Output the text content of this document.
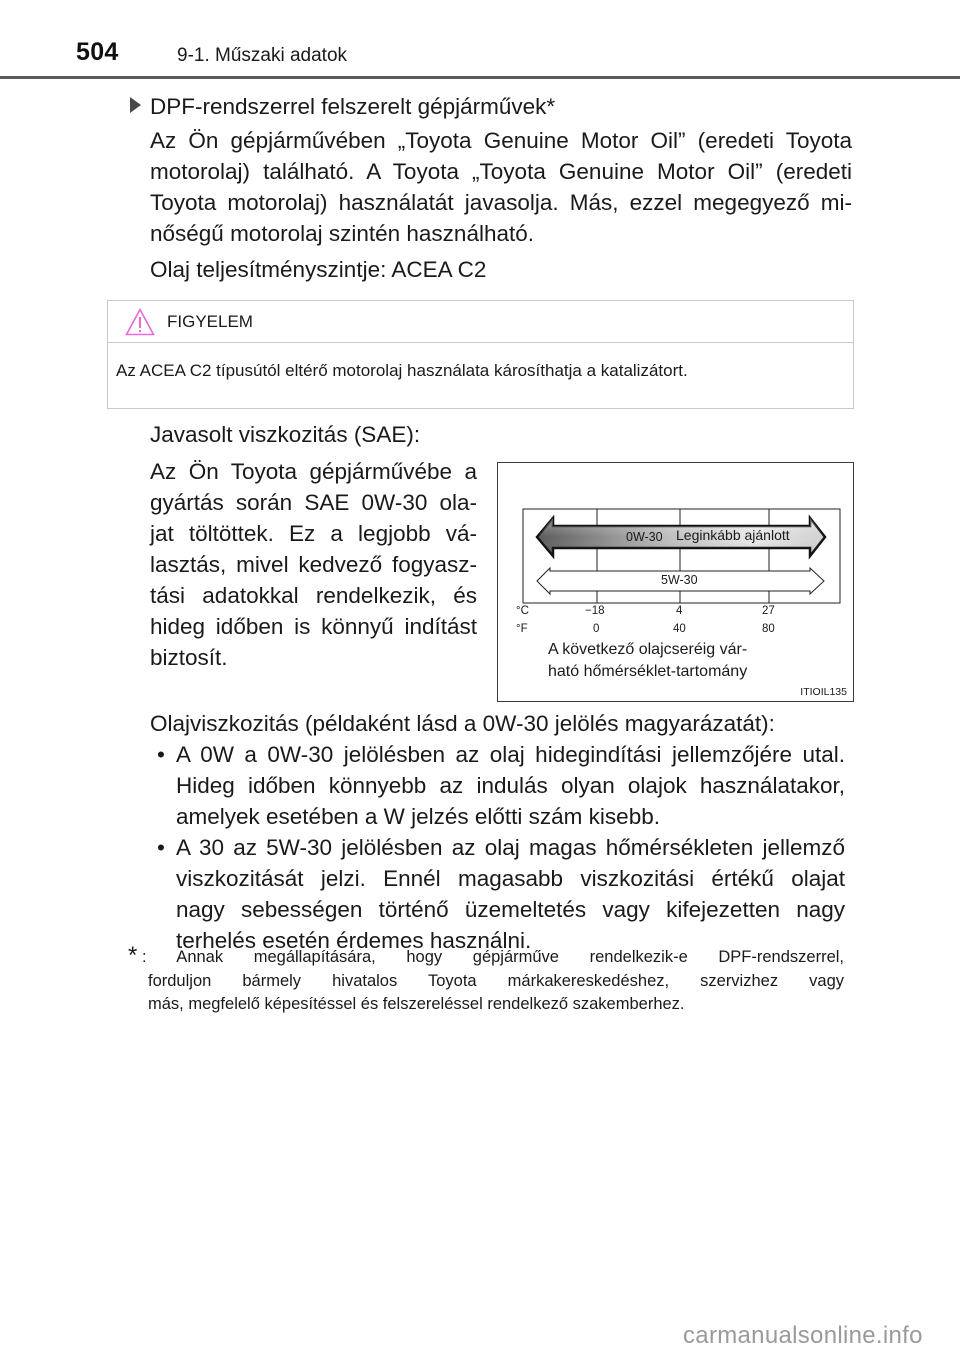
504	9-1. Műszaki adatok
DPF-rendszerrel felszerelt gépjárművek*
Az Ön gépjárművében „Toyota Genuine Motor Oil” (eredeti Toyota
motorolaj) található. A Toyota „Toyota Genuine Motor Oil” (eredeti
Toyota motorolaj) használatát javasolja. Más, ezzel megegyező mi-
nőségű motorolaj szintén használható.
Olaj teljesítményszintje: ACEA C2
FIGYELEM
Az ACEA C2 típusútól eltérő motorolaj használata károsíthatja a katalizátort.
Javasolt viszkozitás (SAE):
Az Ön Toyota gépjárművébe a
gyártás során SAE 0W-30 ola-
jat töltöttek. Ez a legjobb vá-
lasztás, mivel kedvező fogyasz-
tási adatokkal rendelkezik, és
hideg időben is könnyű indítást
biztosít.
0W-30 Leginkább ajánlott
5W-30
°C	−18	4	27
°F	0	40	80
A következő olajcseréig vár-
ható hőmérséklet-tartomány
ITIOIL135
Olajviszkozitás (példaként lásd a 0W-30 jelölés magyarázatát):
• A 0W a 0W-30 jelölésben az olaj hidegindítási jellemzőjére utal.
Hideg időben könnyebb az indulás olyan olajok használatakor,
amelyek esetében a W jelzés előtti szám kisebb.
• A 30 az 5W-30 jelölésben az olaj magas hőmérsékleten jellemző
viszkozitását jelzi. Ennél magasabb viszkozitási értékű olajat
nagy sebességen történő üzemeltetés vagy kifejezetten nagy
terhelés esetén érdemes használni.
* : Annak megállapítására, hogy gépjárműve rendelkezik-e DPF-rendszerrel,
forduljon bármely hivatalos Toyota márkakereskedéshez, szervizhez vagy
más, megfelelő képesítéssel és felszereléssel rendelkező szakemberhez.
carmanualsonline.info
